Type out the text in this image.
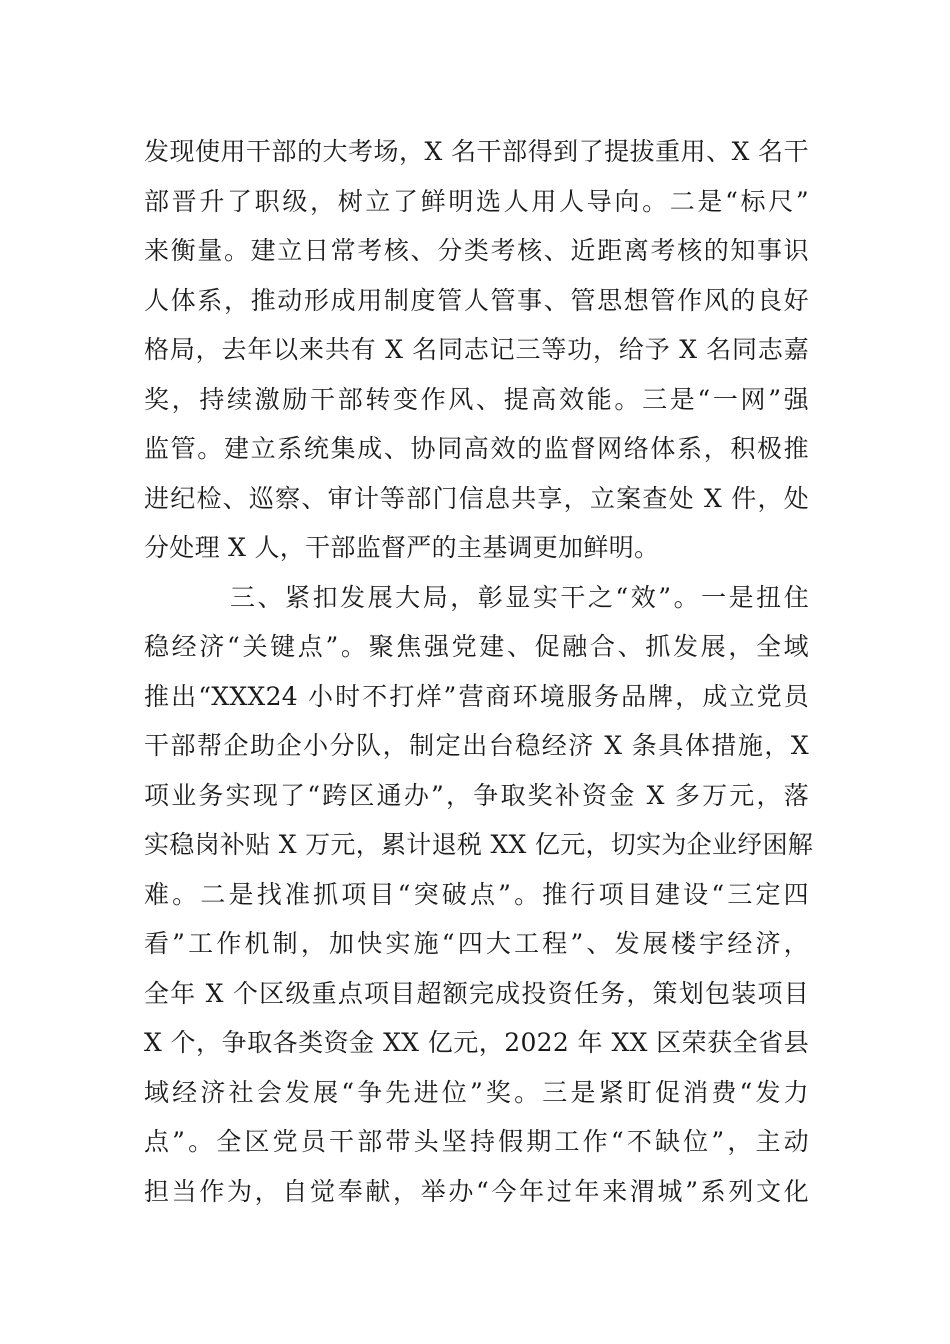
发现使用干部的大考场，X 名干部得到了提拔重用、X 名干
部晋升了职级，树立了鲜明选人用人导向。二是“标尺”
来衡量。建立日常考核、分类考核、近距离考核的知事识
人体系，推动形成用制度管人管事、管思想管作风的良好
格局，去年以来共有 X 名同志记三等功，给予 X 名同志嘉
奖，持续激励干部转变作风、提高效能。三是“一网”强
监管。建立系统集成、协同高效的监督网络体系，积极推
进纪检、巡察、审计等部门信息共享，立案查处 X 件，处
分处理 X 人，干部监督严的主基调更加鲜明。
三、紧扣发展大局，彰显实干之“效”。一是扭住
稳经济“关键点”。聚焦强党建、促融合、抓发展，全域
推出“XXX24 小时不打烊”营商环境服务品牌，成立党员
干部帮企助企小分队，制定出台稳经济 X 条具体措施，X
项业务实现了“跨区通办”，争取奖补资金 X 多万元，落
实稳岗补贴 X 万元，累计退税 XX 亿元，切实为企业纾困解
难。二是找准抓项目“突破点”。推行项目建设“三定四
看”工作机制，加快实施“四大工程”、发展楼宇经济，
全年 X 个区级重点项目超额完成投资任务，策划包装项目
X 个，争取各类资金 XX 亿元，2022 年 XX 区荣获全省县
域经济社会发展“争先进位”奖。三是紧盯促消费“发力
点”。全区党员干部带头坚持假期工作“不缺位”，主动
担当作为，自觉奉献，举办“今年过年来渭城”系列文化
